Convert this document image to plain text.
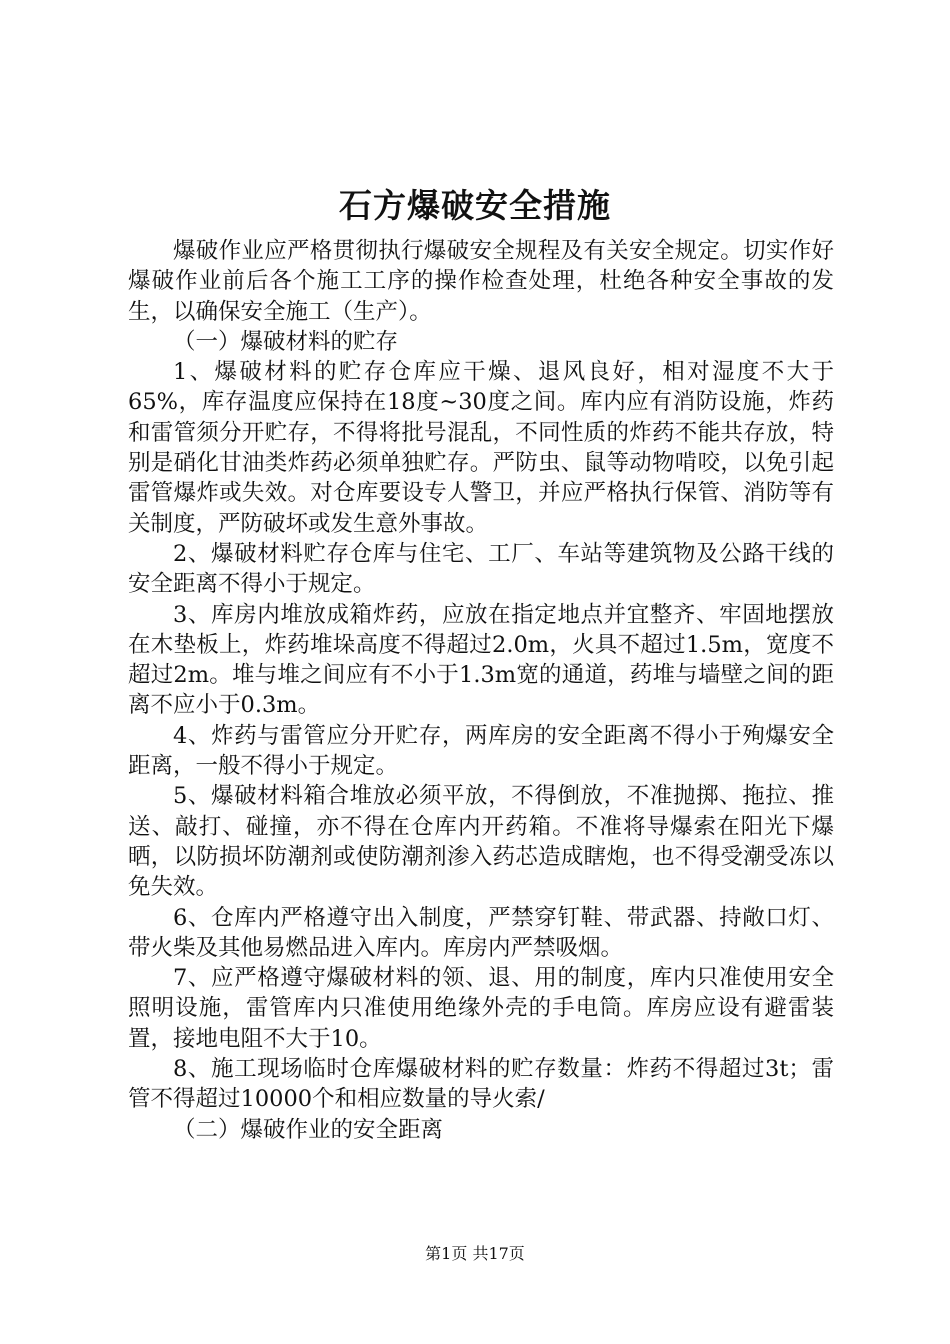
石方爆破安全措施

爆破作业应严格贯彻执行爆破安全规程及有关安全规定。切实作好爆破作业前后各个施工工序的操作检查处理，杜绝各种安全事故的发生，以确保安全施工（生产）。

（一）爆破材料的贮存

1、爆破材料的贮存仓库应干燥、退风良好，相对湿度不大于65%，库存温度应保持在18度~30度之间。库内应有消防设施，炸药和雷管须分开贮存，不得将批号混乱，不同性质的炸药不能共存放，特别是硝化甘油类炸药必须单独贮存。严防虫、鼠等动物啃咬，以免引起雷管爆炸或失效。对仓库要设专人警卫，并应严格执行保管、消防等有关制度，严防破坏或发生意外事故。

2、爆破材料贮存仓库与住宅、工厂、车站等建筑物及公路干线的安全距离不得小于规定。

3、库房内堆放成箱炸药，应放在指定地点并宜整齐、牢固地摆放在木垫板上，炸药堆垛高度不得超过2.0m，火具不超过1.5m，宽度不超过2m。堆与堆之间应有不小于1.3m宽的通道，药堆与墙壁之间的距离不应小于0.3m。

4、炸药与雷管应分开贮存，两库房的安全距离不得小于殉爆安全距离，一般不得小于规定。

5、爆破材料箱合堆放必须平放，不得倒放，不准抛掷、拖拉、推送、敲打、碰撞，亦不得在仓库内开药箱。不准将导爆索在阳光下爆晒，以防损坏防潮剂或使防潮剂渗入药芯造成瞎炮，也不得受潮受冻以免失效。

6、仓库内严格遵守出入制度，严禁穿钉鞋、带武器、持敞口灯、带火柴及其他易燃品进入库内。库房内严禁吸烟。

7、应严格遵守爆破材料的领、退、用的制度，库内只准使用安全照明设施，雷管库内只准使用绝缘外壳的手电筒。库房应设有避雷装置，接地电阻不大于10。

8、施工现场临时仓库爆破材料的贮存数量：炸药不得超过3t；雷管不得超过10000个和相应数量的导火索/

（二）爆破作业的安全距离

第1页 共17页
